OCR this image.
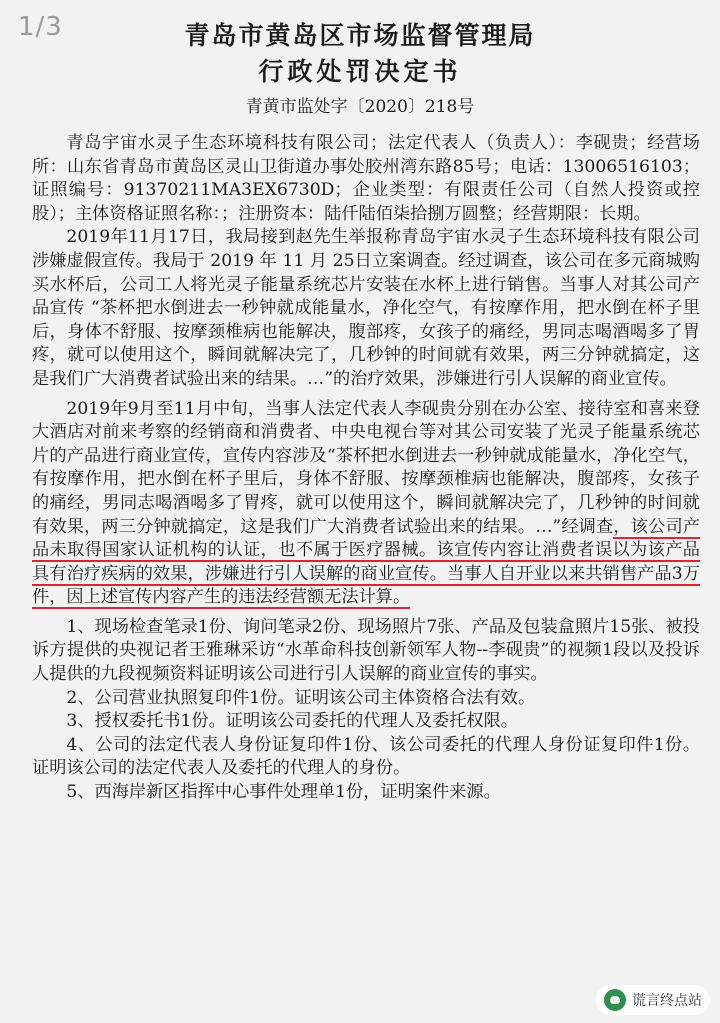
1/3	青岛市黄岛区市场监督管理局
行政处罚决定书
青黄市监处字〔2020〕218号

青岛宇宙水灵子生态环境科技有限公司；法定代表人（负责人）：李砚贵；经营场所：山东省青岛市黄岛区灵山卫街道办事处胶州湾东路85号；电话：13006516103；证照编号：91370211MA3EX6730D；企业类型：有限责任公司（自然人投资或控股）；主体资格证照名称：；注册资本：陆仟陆佰柒拾捌万圆整；经营期限：长期。

2019年11月17日，我局接到赵先生举报称青岛宇宙水灵子生态环境科技有限公司涉嫌虚假宣传。我局于 2019 年 11 月 25日立案调查。经过调查，该公司在多元商城购买水杯后，公司工人将光灵子能量系统芯片安装在水杯上进行销售。当事人对其公司产品宣传 “茶杯把水倒进去一秒钟就成能量水，净化空气，有按摩作用，把水倒在杯子里后，身体不舒服、按摩颈椎病也能解决，腹部疼，女孩子的痛经，男同志喝酒喝多了胃疼，就可以使用这个，瞬间就解决完了，几秒钟的时间就有效果，两三分钟就搞定，这是我们广大消费者试验出来的结果。…”的治疗效果，涉嫌进行引人误解的商业宣传。

2019年9月至11月中旬，当事人法定代表人李砚贵分别在办公室、接待室和喜来登大酒店对前来考察的经销商和消费者、中央电视台等对其公司安装了光灵子能量系统芯片的产品进行商业宣传，宣传内容涉及“茶杯把水倒进去一秒钟就成能量水，净化空气，有按摩作用，把水倒在杯子里后，身体不舒服、按摩颈椎病也能解决，腹部疼，女孩子的痛经，男同志喝酒喝多了胃疼，就可以使用这个，瞬间就解决完了，几秒钟的时间就有效果，两三分钟就搞定，这是我们广大消费者试验出来的结果。…”经调查，该公司产品未取得国家认证机构的认证，也不属于医疗器械。该宣传内容让消费者误以为该产品具有治疗疾病的效果，涉嫌进行引人误解的商业宣传。当事人自开业以来共销售产品3万件，因上述宣传内容产生的违法经营额无法计算。

1、现场检查笔录1份、询问笔录2份、现场照片7张、产品及包装盒照片15张、被投诉方提供的央视记者王雅琳采访“水革命科技创新领军人物--李砚贵”的视频1段以及投诉人提供的九段视频资料证明该公司进行引人误解的商业宣传的事实。

2、公司营业执照复印件1份。证明该公司主体资格合法有效。

3、授权委托书1份。证明该公司委托的代理人及委托权限。

4、公司的法定代表人身份证复印件1份、该公司委托的代理人身份证复印件1份。证明该公司的法定代表人及委托的代理人的身份。

5、西海岸新区指挥中心事件处理单1份，证明案件来源。

谎言终点站
